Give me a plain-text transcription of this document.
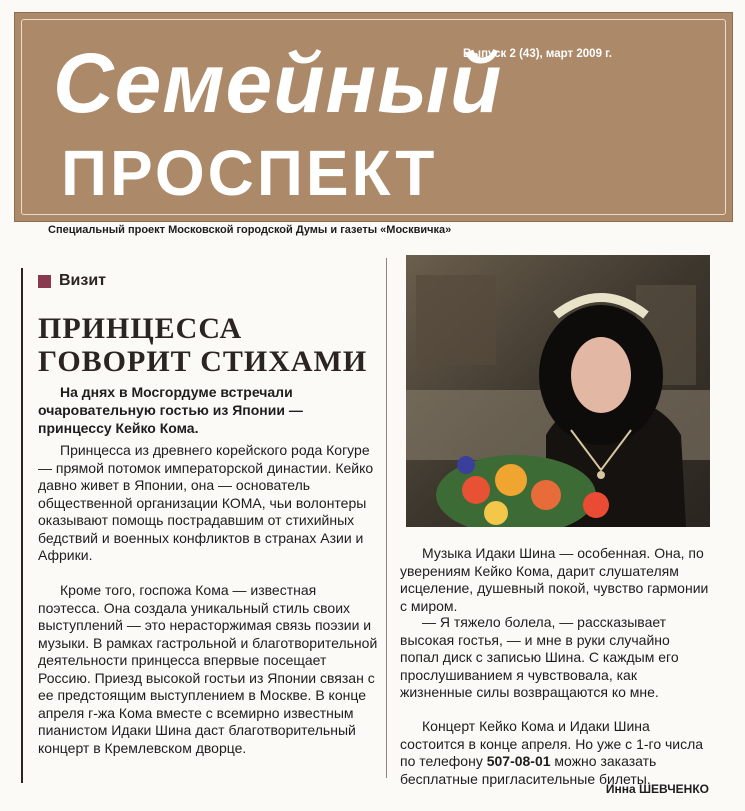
Семейный
ПРОСПЕКТ
Выпуск 2 (43), март 2009 г.
Специальный проект Московской городской Думы и газеты «Москвичка»
Визит
ПРИНЦЕССА
ГОВОРИТ СТИХАМИ
На днях в Мосгордуме встречали очаровательную гостью из Японии — принцессу Кейко Кома.
Принцесса из древнего корейского рода Когуре — прямой потомок императорской династии. Кейко давно живет в Японии, она — основатель общественной организации КОМА, чьи волонтеры оказывают помощь пострадавшим от стихийных бедствий и военных конфликтов в странах Азии и Африки.
Кроме того, госпожа Кома — известная поэтесса. Она создала уникальный стиль своих выступлений — это нерасторжимая связь поэзии и музыки. В рамках гастрольной и благотворительной деятельности принцесса впервые посещает Россию. Приезд высокой гостьи из Японии связан с ее предстоящим выступлением в Москве. В конце апреля г-жа Кома вместе с всемирно известным пианистом Идаки Шина даст благотворительный концерт в Кремлевском дворце.
Музыка Идаки Шина — особенная. Она, по уверениям Кейко Кома, дарит слушателям исцеление, душевный покой, чувство гармонии с миром.
— Я тяжело болела, — рассказывает высокая гостья, — и мне в руки случайно попал диск с записью Шина. С каждым его прослушиванием я чувствовала, как жизненные силы возвращаются ко мне.
Концерт Кейко Кома и Идаки Шина состоится в конце апреля. Но уже с 1-го числа по телефону 507-08-01 можно заказать бесплатные пригласительные билеты.
Инна ШЕВЧЕНКО
